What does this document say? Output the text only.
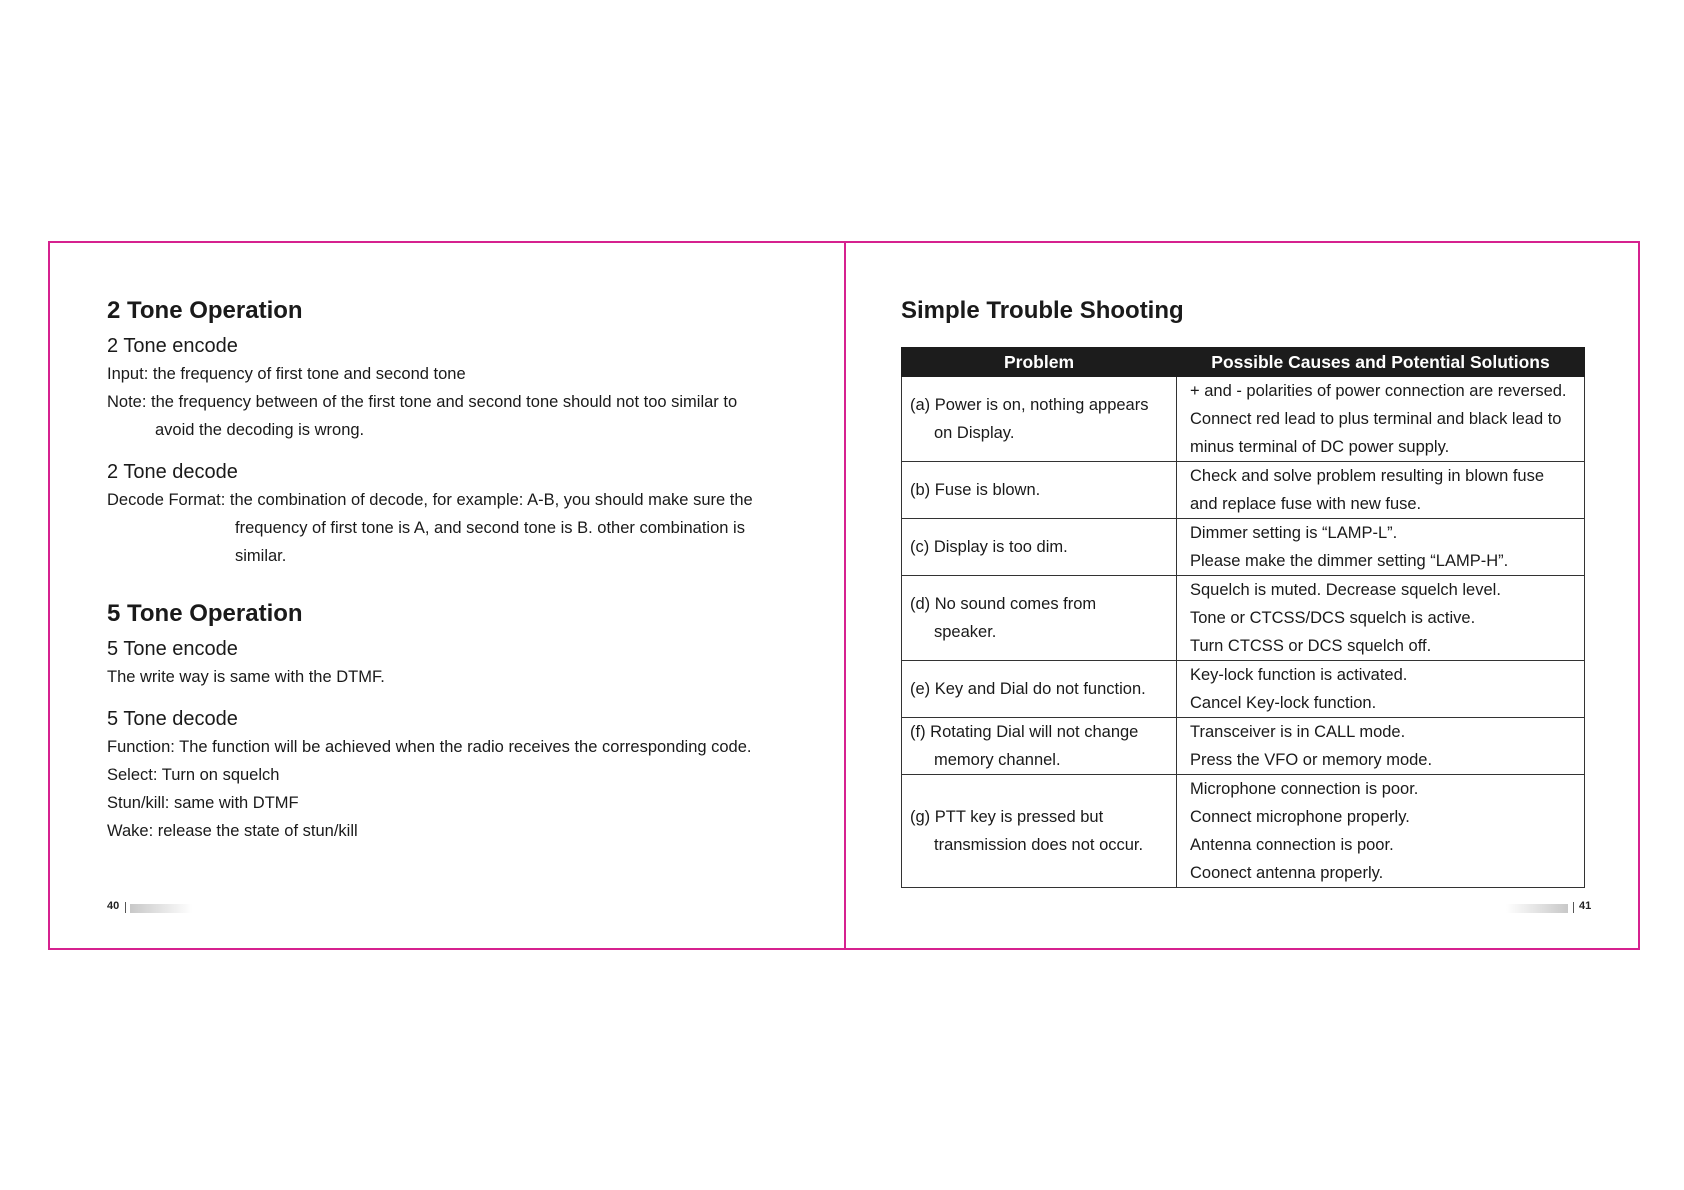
2 Tone Operation
2 Tone encode

Input: the frequency of first tone and second tone

Note: the frequency between of the first tone and second tone should not too similar to

avoid the decoding is wrong.

2 Tone decode

Decode Format: the combination of decode, for example: A-B, you should make sure the

frequency of first tone is A, and second tone is B. other combination is

similar.

5 Tone Operation
5 Tone encode

The write way is same with the DTMF.

5 Tone decode

Function: The function will be achieved when the radio receives the corresponding code.

Select: Turn on squelch

Stun/kill: same with DTMF

Wake: release the state of stun/kill

40
Simple Trouble Shooting
Problem	Possible Causes and Potential Solutions
(a) Power is on, nothing appears
on Display.	+ and - polarities of power connection are reversed.
Connect red lead to plus terminal and black lead to
minus terminal of DC power supply.

(b) Fuse is blown.	Check and solve problem resulting in blown fuse
and replace fuse with new fuse.

(c) Display is too dim.	Dimmer setting is “LAMP-L”.
Please make the dimmer setting “LAMP-H”.

(d) No sound comes from
speaker.	Squelch is muted. Decrease squelch level.
Tone or CTCSS/DCS squelch is active.
Turn CTCSS or DCS squelch off.

(e) Key and Dial do not function.	Key-lock function is activated.
Cancel Key-lock function.

(f) Rotating Dial will not change
memory channel.	Transceiver is in CALL mode.
Press the VFO or memory mode.

(g) PTT key is pressed but
transmission does not occur.	Microphone connection is poor.
Connect microphone properly.
Antenna connection is poor.
Coonect antenna properly.
41
